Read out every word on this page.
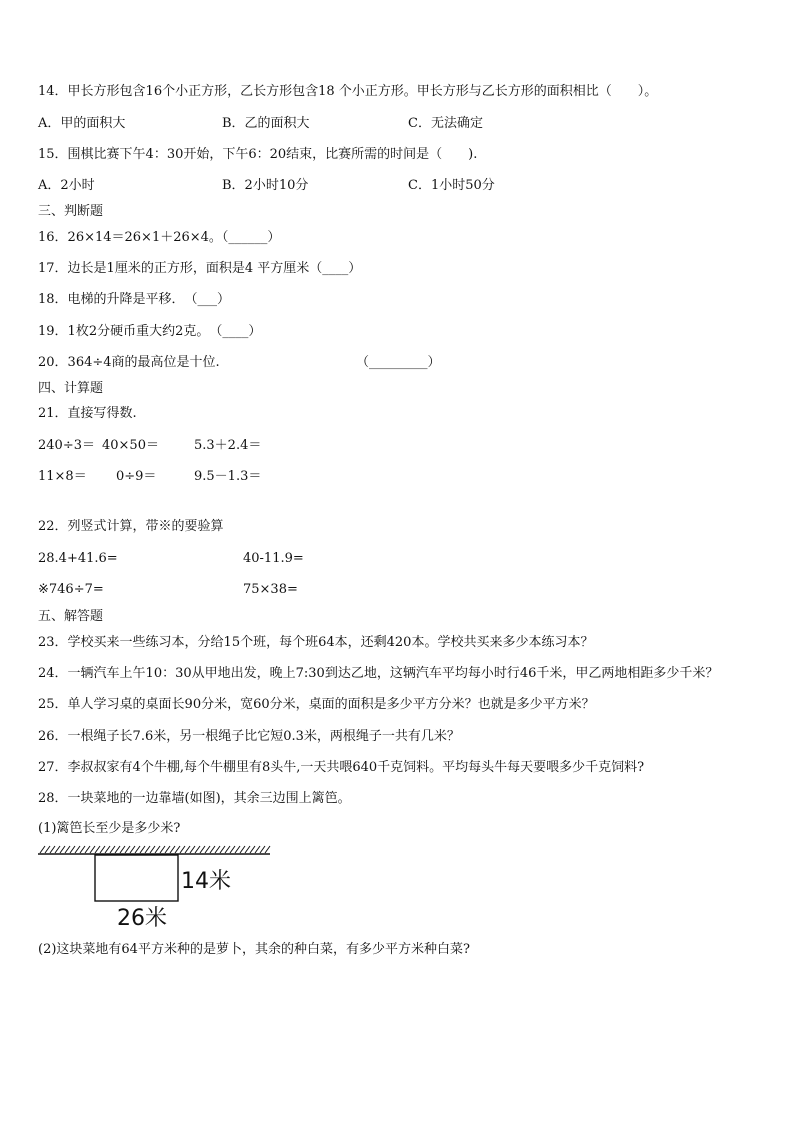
14．甲长方形包含16个小正方形，乙长方形包含18 个小正方形。甲长方形与乙长方形的面积相比（　　）。
A．甲的面积大	B．乙的面积大	C．无法确定
15．围棋比赛下午4：30开始，下午6：20结束，比赛所需的时间是（　　).
A．2小时	B．2小时10分	C．1小时50分
三、判断题
16．26×14＝26×1＋26×4。（______）
17．边长是1厘米的正方形，面积是4 平方厘米（____）
18．电梯的升降是平移．　（___）
19．1枚2分硬币重大约2克。　（____）
20．364÷4商的最高位是十位.	（_________）
四、计算题
21．直接写得数.
240÷3＝ 40×50＝	5.3＋2.4＝
11×8＝ 0÷9＝	9.5－1.3＝
22．列竖式计算，带※的要验算
28.4+41.6=	40-11.9=
※746÷7=	75×38=
五、解答题
23．学校买来一些练习本，分给15个班，每个班64本，还剩420本。学校共买来多少本练习本？
24．一辆汽车上午10：30从甲地出发，晚上7:30到达乙地，这辆汽车平均每小时行46千米，甲乙两地相距多少千米？
25．单人学习桌的桌面长90分米，宽60分米，桌面的面积是多少平方分米？也就是多少平方米？
26．一根绳子长7.6米，另一根绳子比它短0.3米，两根绳子一共有几米？
27．李叔叔家有4个牛棚,每个牛棚里有8头牛,一天共喂640千克饲料。平均每头牛每天要喂多少千克饲料?
28．一块菜地的一边靠墙(如图)，其余三边围上篱笆。
(1)篱笆长至少是多少米?
14米
26米
(2)这块菜地有64平方米种的是萝卜，其余的种白菜，有多少平方米种白菜?
